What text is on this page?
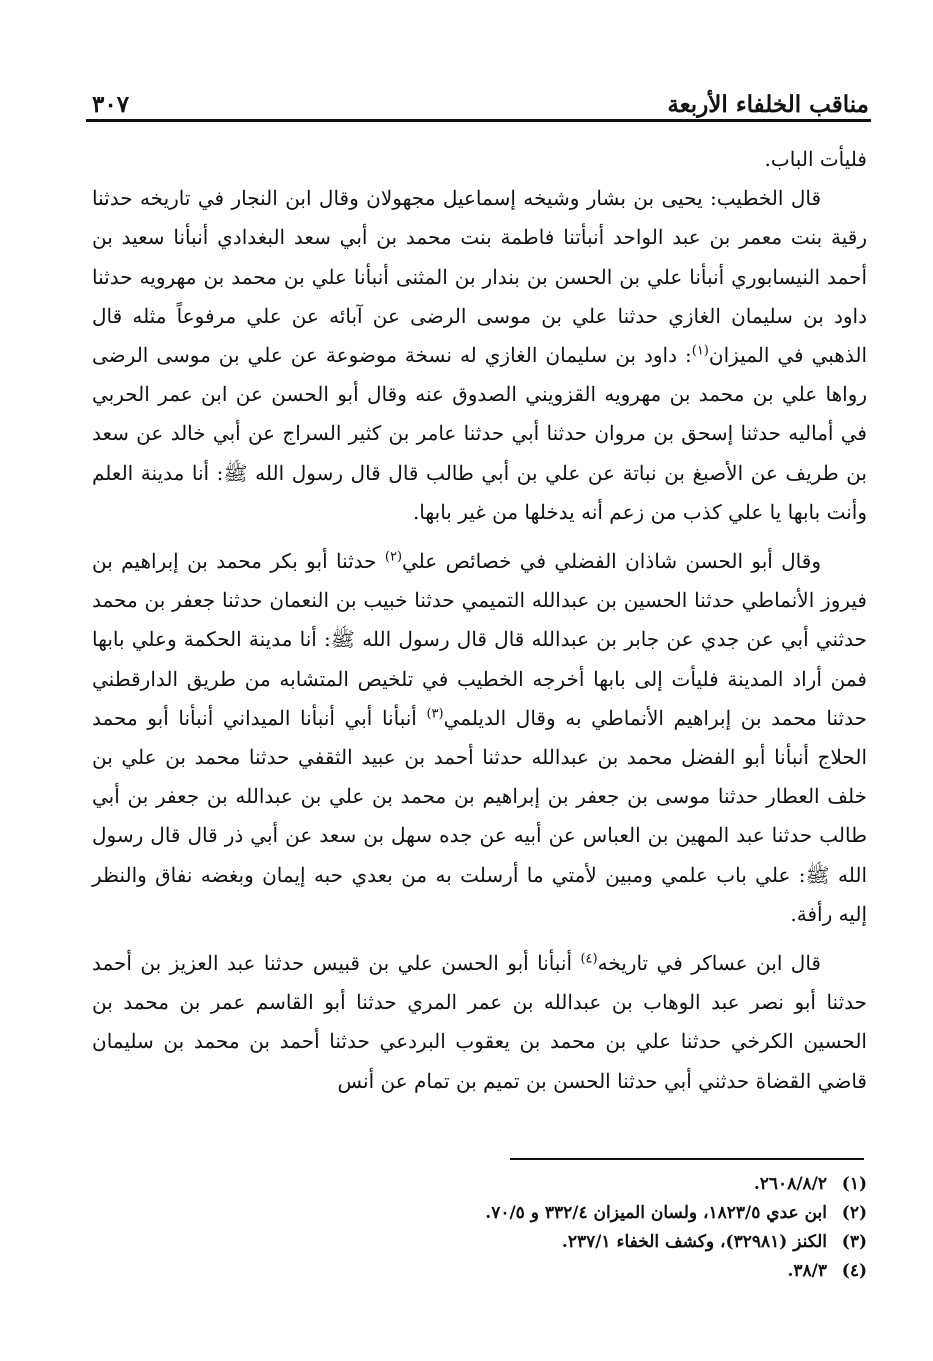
مناقب الخلفاء الأربعة
٣٠٧

فليأت الباب.

قال الخطيب: يحيى بن بشار وشيخه إسماعيل مجهولان وقال ابن النجار في تاريخه حدثنا رقية بنت معمر بن عبد الواحد أنبأتنا فاطمة بنت محمد بن أبي سعد البغدادي أنبأنا سعيد بن أحمد النيسابوري أنبأنا علي بن الحسن بن بندار بن المثنى أنبأنا علي بن محمد بن مهرويه حدثنا داود بن سليمان الغازي حدثنا علي بن موسى الرضى عن آبائه عن علي مرفوعاً مثله قال الذهبي في الميزان$^{(١)}$: داود بن سليمان الغازي له نسخة موضوعة عن علي بن موسى الرضى رواها علي بن محمد بن مهرويه القزويني الصدوق عنه وقال أبو الحسن عن ابن عمر الحربي في أماليه حدثنا إسحق بن مروان حدثنا أبي حدثنا عامر بن كثير السراج عن أبي خالد عن سعد بن طريف عن الأصبغ بن نباتة عن علي بن أبي طالب قال قال رسول الله ﷺ: أنا مدينة العلم وأنت بابها يا علي كذب من زعم أنه يدخلها من غير بابها.

وقال أبو الحسن شاذان الفضلي في خصائص علي$^{(٢)}$ حدثنا أبو بكر محمد بن إبراهيم بن فيروز الأنماطي حدثنا الحسين بن عبدالله التميمي حدثنا خبيب بن النعمان حدثنا جعفر بن محمد حدثني أبي عن جدي عن جابر بن عبدالله قال قال رسول الله ﷺ: أنا مدينة الحكمة وعلي بابها فمن أراد المدينة فليأت إلى بابها أخرجه الخطيب في تلخيص المتشابه من طريق الدارقطني حدثنا محمد بن إبراهيم الأنماطي به وقال الديلمي$^{(٣)}$ أنبأنا أبي أنبأنا الميداني أنبأنا أبو محمد الحلاج أنبأنا أبو الفضل محمد بن عبدالله حدثنا أحمد بن عبيد الثقفي حدثنا محمد بن علي بن خلف العطار حدثنا موسى بن جعفر بن إبراهيم بن محمد بن علي بن عبدالله بن جعفر بن أبي طالب حدثنا عبد المهين بن العباس عن أبيه عن جده سهل بن سعد عن أبي ذر قال قال رسول الله ﷺ: علي باب علمي ومبين لأمتي ما أرسلت به من بعدي حبه إيمان وبغضه نفاق والنظر إليه رأفة.

قال ابن عساكر في تاريخه$^{(٤)}$ أنبأنا أبو الحسن علي بن قبيس حدثنا عبد العزيز بن أحمد حدثنا أبو نصر عبد الوهاب بن عبدالله بن عمر المري حدثنا أبو القاسم عمر بن محمد بن الحسين الكرخي حدثنا علي بن محمد بن يعقوب البردعي حدثنا أحمد بن محمد بن سليمان قاضي القضاة حدثني أبي حدثنا الحسن بن تميم بن تمام عن أنس

(١)
٢٦٠٨/٨/٢.
(٢)
ابن عدي ١٨٢٣/٥، ولسان الميزان ٣٣٢/٤ و ٧٠/٥.
(٣)
الكنز (٣٢٩٨١)، وكشف الخفاء ٢٣٧/١.
(٤)
٣٨/٣.
